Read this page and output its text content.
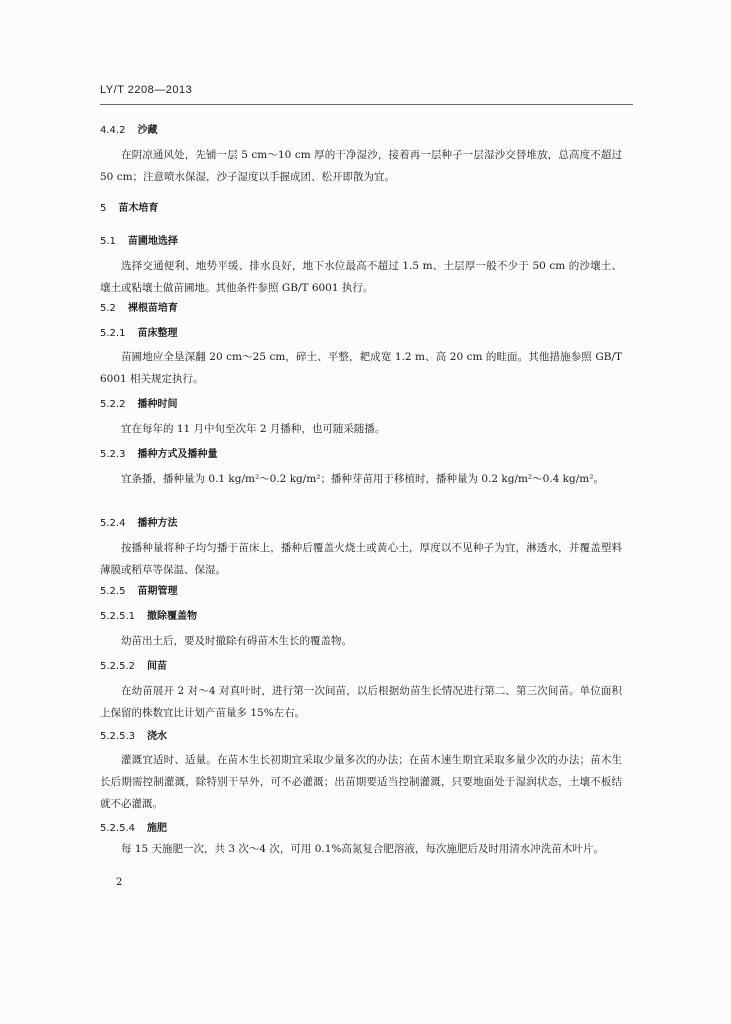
LY/T 2208—2013
4.4.2 沙藏
在阴凉通风处，先铺一层 5 cm～10 cm 厚的干净湿沙，接着再一层种子一层湿沙交替堆放，总高度不超过 50 cm；注意喷水保湿，沙子湿度以手握成团、松开即散为宜。
5 苗木培育
5.1 苗圃地选择
选择交通便利、地势平缓、排水良好，地下水位最高不超过 1.5 m、土层厚一般不少于 50 cm 的沙壤土、壤土或粘壤土做苗圃地。其他条件参照 GB/T 6001 执行。
5.2 裸根苗培育
5.2.1 苗床整理
苗圃地应全垦深翻 20 cm～25 cm，碎土、平整，耙成宽 1.2 m、高 20 cm 的畦面。其他措施参照 GB/T 6001 相关规定执行。
5.2.2 播种时间
宜在每年的 11 月中旬至次年 2 月播种，也可随采随播。
5.2.3 播种方式及播种量
宜条播，播种量为 0.1 kg/m²～0.2 kg/m²；播种芽苗用于移植时，播种量为 0.2 kg/m²～0.4 kg/m²。
5.2.4 播种方法
按播种量将种子均匀播于苗床上，播种后覆盖火烧土或黄心土，厚度以不见种子为宜，淋透水，并覆盖塑料薄膜或稻草等保温、保湿。
5.2.5 苗期管理
5.2.5.1 撤除覆盖物
幼苗出土后，要及时撤除有碍苗木生长的覆盖物。
5.2.5.2 间苗
在幼苗展开 2 对～4 对真叶时，进行第一次间苗，以后根据幼苗生长情况进行第二、第三次间苗。单位面积上保留的株数宜比计划产苗量多 15%左右。
5.2.5.3 浇水
灌溉宜适时、适量。在苗木生长初期宜采取少量多次的办法；在苗木速生期宜采取多量少次的办法；苗木生长后期需控制灌溉，除特别干旱外，可不必灌溉；出苗期要适当控制灌溉，只要地面处于湿润状态，土壤不板结就不必灌溉。
5.2.5.4 施肥
每 15 天施肥一次，共 3 次～4 次，可用 0.1%高氮复合肥溶液，每次施肥后及时用清水冲洗苗木叶片。
2
